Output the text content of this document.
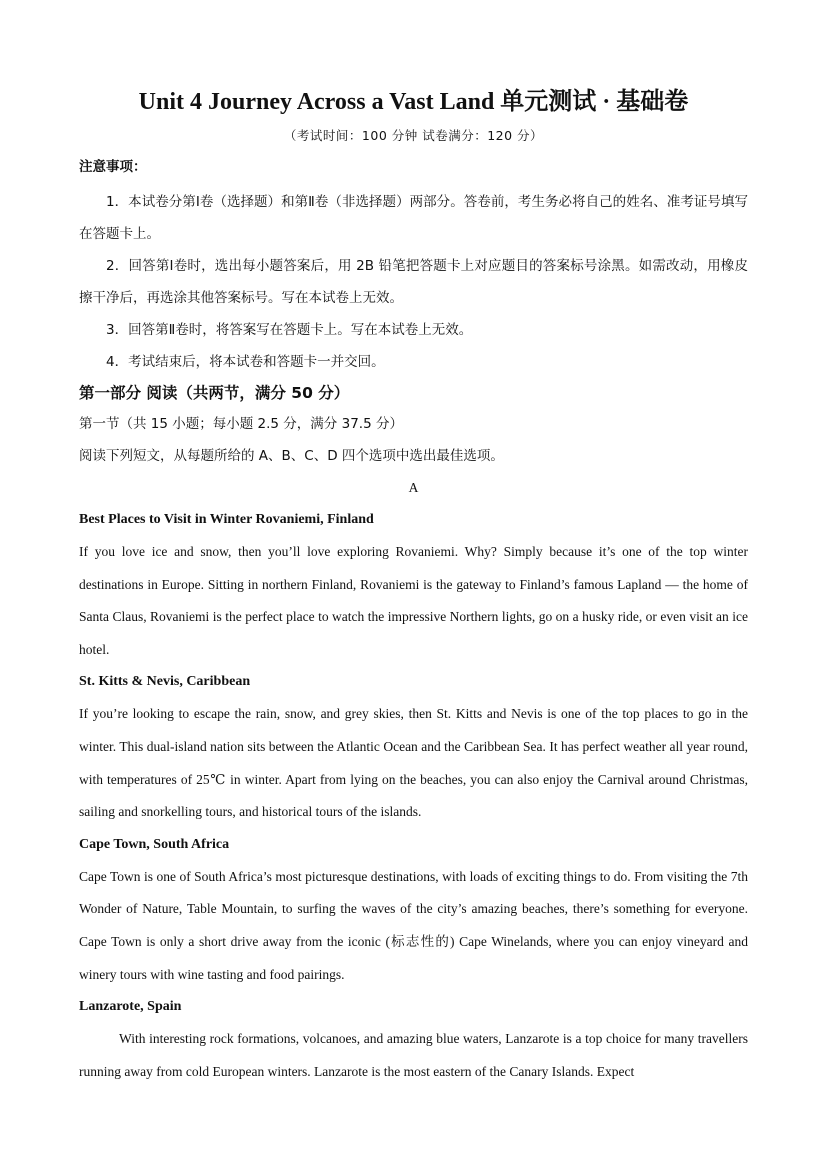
Unit 4 Journey Across a Vast Land 单元测试 · 基础卷

（考试时间：100 分钟 试卷满分：120 分）

注意事项：

1．本试卷分第Ⅰ卷（选择题）和第Ⅱ卷（非选择题）两部分。答卷前，考生务必将自己的姓名、准考证号填写在答题卡上。

2．回答第Ⅰ卷时，选出每小题答案后，用 2B 铅笔把答题卡上对应题目的答案标号涂黑。如需改动，用橡皮擦干净后，再选涂其他答案标号。写在本试卷上无效。

3．回答第Ⅱ卷时，将答案写在答题卡上。写在本试卷上无效。

4．考试结束后，将本试卷和答题卡一并交回。

第一部分 阅读（共两节，满分 50 分）

第一节（共 15 小题；每小题 2.5 分，满分 37.5 分）

阅读下列短文，从每题所给的 A、B、C、D 四个选项中选出最佳选项。

A

Best Places to Visit in Winter Rovaniemi, Finland

If you love ice and snow, then you’ll love exploring Rovaniemi. Why? Simply because it’s one of the top winter destinations in Europe. Sitting in northern Finland, Rovaniemi is the gateway to Finland’s famous Lapland — the home of Santa Claus, Rovaniemi is the perfect place to watch the impressive Northern lights, go on a husky ride, or even visit an ice hotel.

St. Kitts & Nevis, Caribbean

If you’re looking to escape the rain, snow, and grey skies, then St. Kitts and Nevis is one of the top places to go in the winter. This dual-island nation sits between the Atlantic Ocean and the Caribbean Sea. It has perfect weather all year round, with temperatures of 25℃ in winter. Apart from lying on the beaches, you can also enjoy the Carnival around Christmas, sailing and snorkelling tours, and historical tours of the islands.

Cape Town, South Africa

Cape Town is one of South Africa’s most picturesque destinations, with loads of exciting things to do. From visiting the 7th Wonder of Nature, Table Mountain, to surfing the waves of the city’s amazing beaches, there’s something for everyone. Cape Town is only a short drive away from the iconic (标志性的) Cape Winelands, where you can enjoy vineyard and winery tours with wine tasting and food pairings.

Lanzarote, Spain

With interesting rock formations, volcanoes, and amazing blue waters, Lanzarote is a top choice for many travellers running away from cold European winters. Lanzarote is the most eastern of the Canary Islands. Expect
